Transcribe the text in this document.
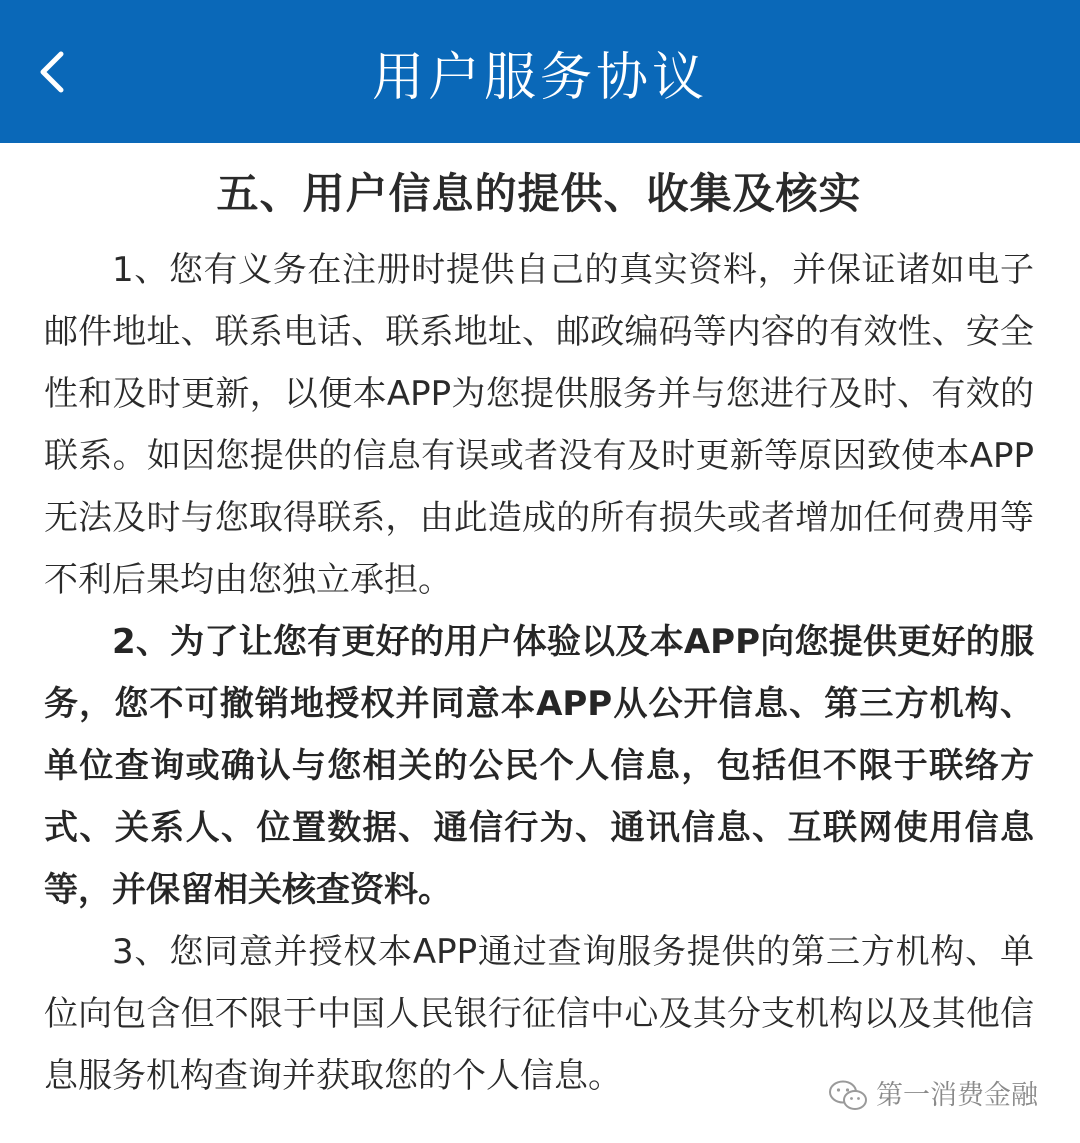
用户服务协议
五、用户信息的提供、收集及核实

1、您有义务在注册时提供自己的真实资料，并保证诸如电子邮件地址、联系电话、联系地址、邮政编码等内容的有效性、安全性和及时更新，以便本APP为您提供服务并与您进行及时、有效的联系。如因您提供的信息有误或者没有及时更新等原因致使本APP无法及时与您取得联系，由此造成的所有损失或者增加任何费用等不利后果均由您独立承担。

2、为了让您有更好的用户体验以及本APP向您提供更好的服务，您不可撤销地授权并同意本APP从公开信息、第三方机构、单位查询或确认与您相关的公民个人信息，包括但不限于联络方式、关系人、位置数据、通信行为、通讯信息、互联网使用信息等，并保留相关核查资料。

3、您同意并授权本APP通过查询服务提供的第三方机构、单位向包含但不限于中国人民银行征信中心及其分支机构以及其他信息服务机构查询并获取您的个人信息。	第一消费金融
